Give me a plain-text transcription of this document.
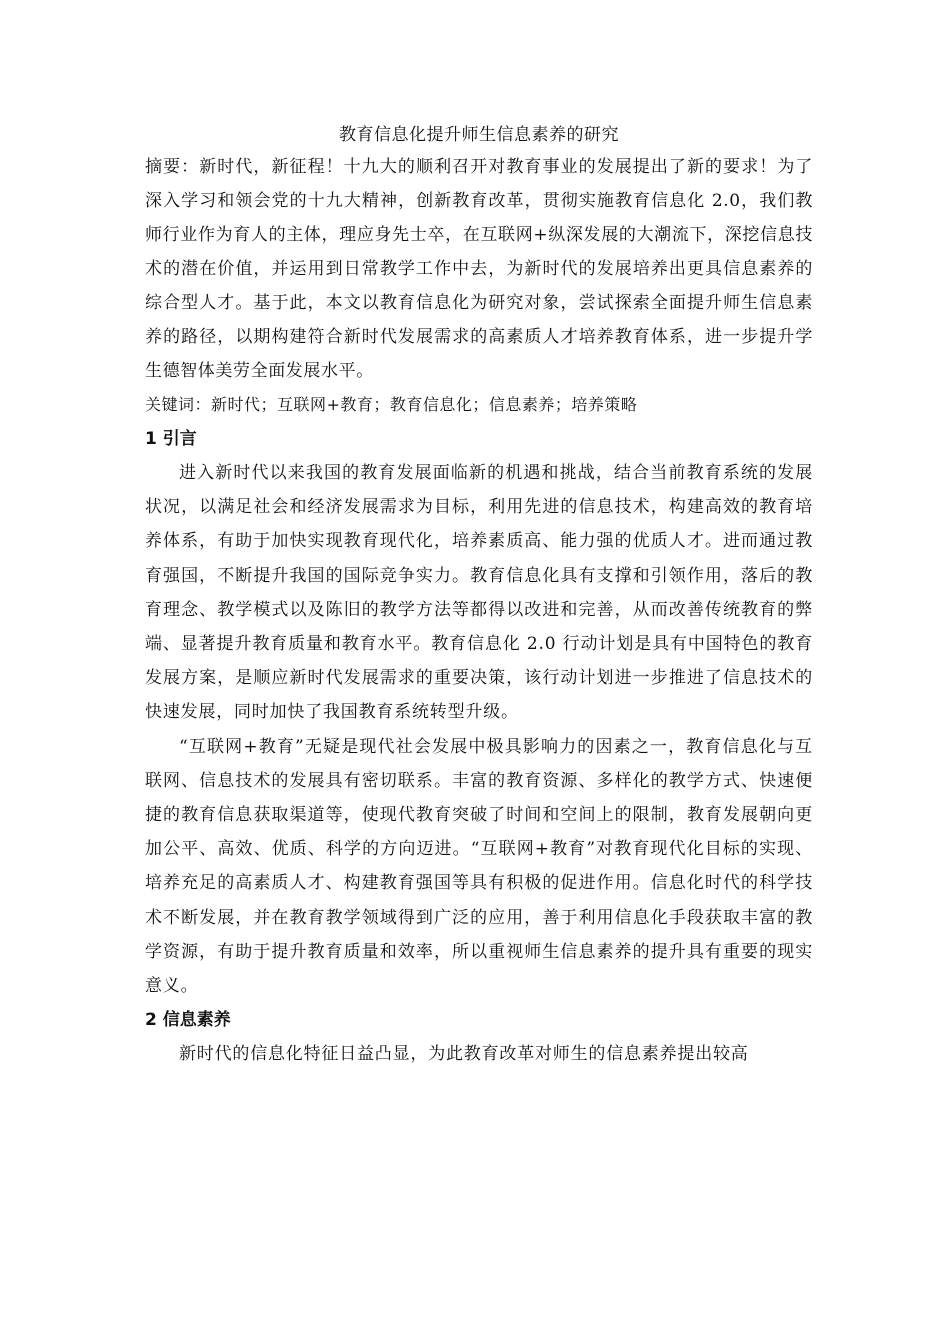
教育信息化提升师生信息素养的研究

摘要：新时代，新征程！十九大的顺利召开对教育事业的发展提出了新的要求！为了深入学习和领会党的十九大精神，创新教育改革，贯彻实施教育信息化 2.0，我们教师行业作为育人的主体，理应身先士卒，在互联网+纵深发展的大潮流下，深挖信息技术的潜在价值，并运用到日常教学工作中去，为新时代的发展培养出更具信息素养的综合型人才。基于此，本文以教育信息化为研究对象，尝试探索全面提升师生信息素养的路径，以期构建符合新时代发展需求的高素质人才培养教育体系，进一步提升学生德智体美劳全面发展水平。

关键词：新时代；互联网+教育；教育信息化；信息素养；培养策略

1 引言

进入新时代以来我国的教育发展面临新的机遇和挑战，结合当前教育系统的发展状况，以满足社会和经济发展需求为目标，利用先进的信息技术，构建高效的教育培养体系，有助于加快实现教育现代化，培养素质高、能力强的优质人才。进而通过教育强国，不断提升我国的国际竞争实力。教育信息化具有支撑和引领作用，落后的教育理念、教学模式以及陈旧的教学方法等都得以改进和完善，从而改善传统教育的弊端、显著提升教育质量和教育水平。教育信息化 2.0 行动计划是具有中国特色的教育发展方案，是顺应新时代发展需求的重要决策，该行动计划进一步推进了信息技术的快速发展，同时加快了我国教育系统转型升级。

“互联网+教育”无疑是现代社会发展中极具影响力的因素之一，教育信息化与互联网、信息技术的发展具有密切联系。丰富的教育资源、多样化的教学方式、快速便捷的教育信息获取渠道等，使现代教育突破了时间和空间上的限制，教育发展朝向更加公平、高效、优质、科学的方向迈进。“互联网+教育”对教育现代化目标的实现、培养充足的高素质人才、构建教育强国等具有积极的促进作用。信息化时代的科学技术不断发展，并在教育教学领域得到广泛的应用，善于利用信息化手段获取丰富的教学资源，有助于提升教育质量和效率，所以重视师生信息素养的提升具有重要的现实意义。

2 信息素养

新时代的信息化特征日益凸显，为此教育改革对师生的信息素养提出较高
